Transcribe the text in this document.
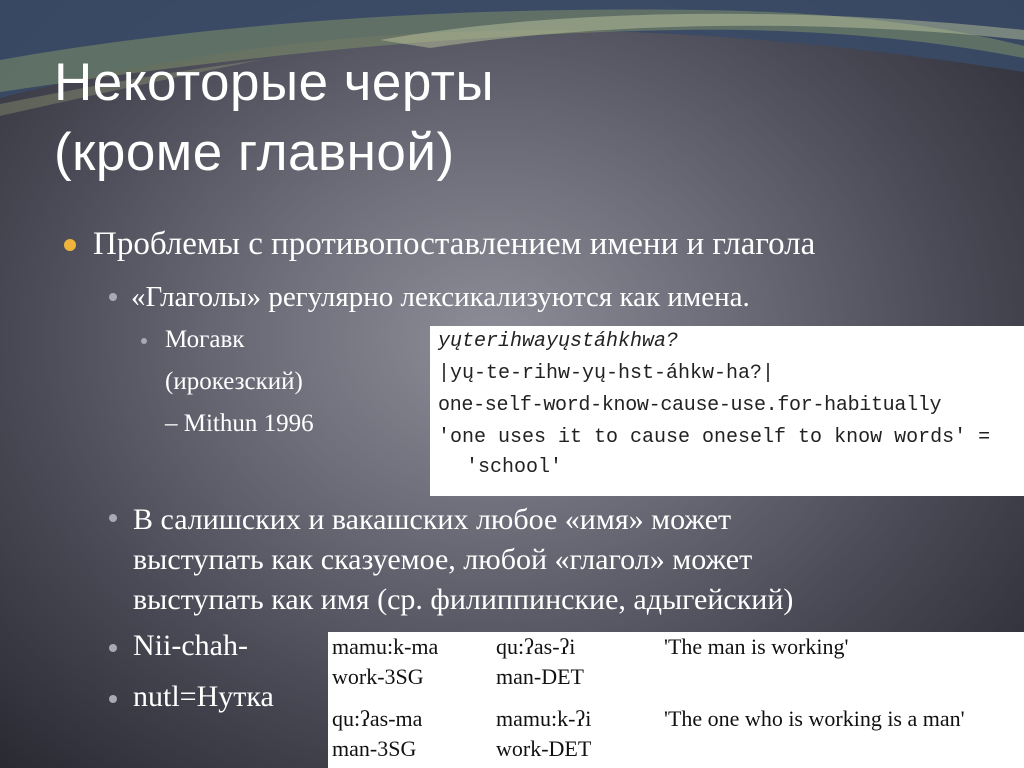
Некоторые черты
(кроме главной)
Проблемы с противопоставлением имени и глагола
«Глаголы» регулярно лексикализуются как имена.
Могавк
(ирокезский)
– Mithun 1996
yųterihwayųstáhkhwa?
|yų-te-rihw-yų-hst-áhkw-ha?|
one-self-word-know-cause-use.for-habitually
'one uses it to cause oneself to know words' =
'school'
В салишских и вакашских любое «имя» может
выступать как сказуемое, любой «глагол» может
выступать как имя (ср. филиппинские, адыгейский)
Nii-chah-
nutl=Нутка
mamu:k-ma	qu:ʔas-ʔi	'The man is working'
work-3SG	man-DET
qu:ʔas-ma	mamu:k-ʔi	'The one who is working is a man'
man-3SG	work-DET
